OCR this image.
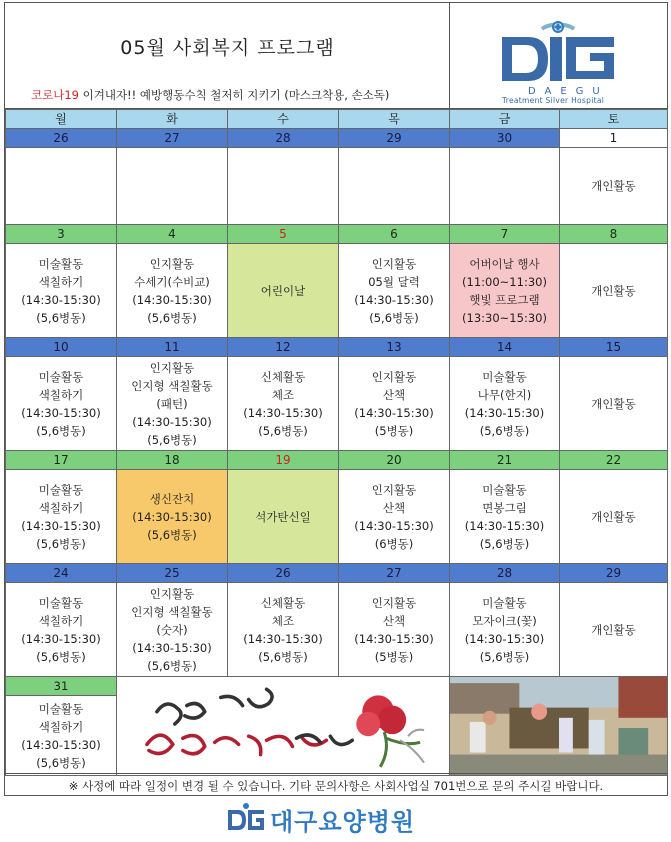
05월 사회복지 프로그램
코로나19 이겨내자!! 예방행동수칙 철저히 지키기 (마스크착용, 손소독)	DAEGU
Treatment Silver Hospital
월	화	수	목	금	토
26	27	28	29	30	1
					개인활동
3	4	5	6	7	8
미술활동
색칠하기
(14:30-15:30)
(5,6병동)	인지활동
수세기(수비교)
(14:30-15:30)
(5,6병동)	어린이날	인지활동
05월 달력
(14:30-15:30)
(5,6병동)	어버이날 행사
(11:00~11:30)
햇빛 프로그램
(13:30~15:30)	개인활동
10	11	12	13	14	15
미술활동
색칠하기
(14:30-15:30)
(5,6병동)	인지활동
인지형 색칠활동
(패턴)
(14:30-15:30)
(5,6병동)	신체활동
체조
(14:30-15:30)
(5,6병동)	인지활동
산책
(14:30-15:30)
(5병동)	미술활동
나무(한지)
(14:30-15:30)
(5,6병동)	개인활동
17	18	19	20	21	22
미술활동
색칠하기
(14:30-15:30)
(5,6병동)	생신잔치
(14:30-15:30)
(5,6병동)	석가탄신일	인지활동
산책
(14:30-15:30)
(6병동)	미술활동
면봉그림
(14:30-15:30)
(5,6병동)	개인활동
24	25	26	27	28	29
미술활동
색칠하기
(14:30-15:30)
(5,6병동)	인지활동
인지형 색칠활동
(숫자)
(14:30-15:30)
(5,6병동)	신체활동
체조
(14:30-15:30)
(5,6병동)	인지활동
산책
(14:30-15:30)
(5병동)	미술활동
모자이크(꽃)
(14:30-15:30)
(5,6병동)	개인활동
31	

미술활동
색칠하기
(14:30-15:30)
(5,6병동)					
※ 사정에 따라 일정이 변경 될 수 있습니다. 기타 문의사항은 사회사업실 701번으로 문의 주시길 바랍니다.
대구요양병원
